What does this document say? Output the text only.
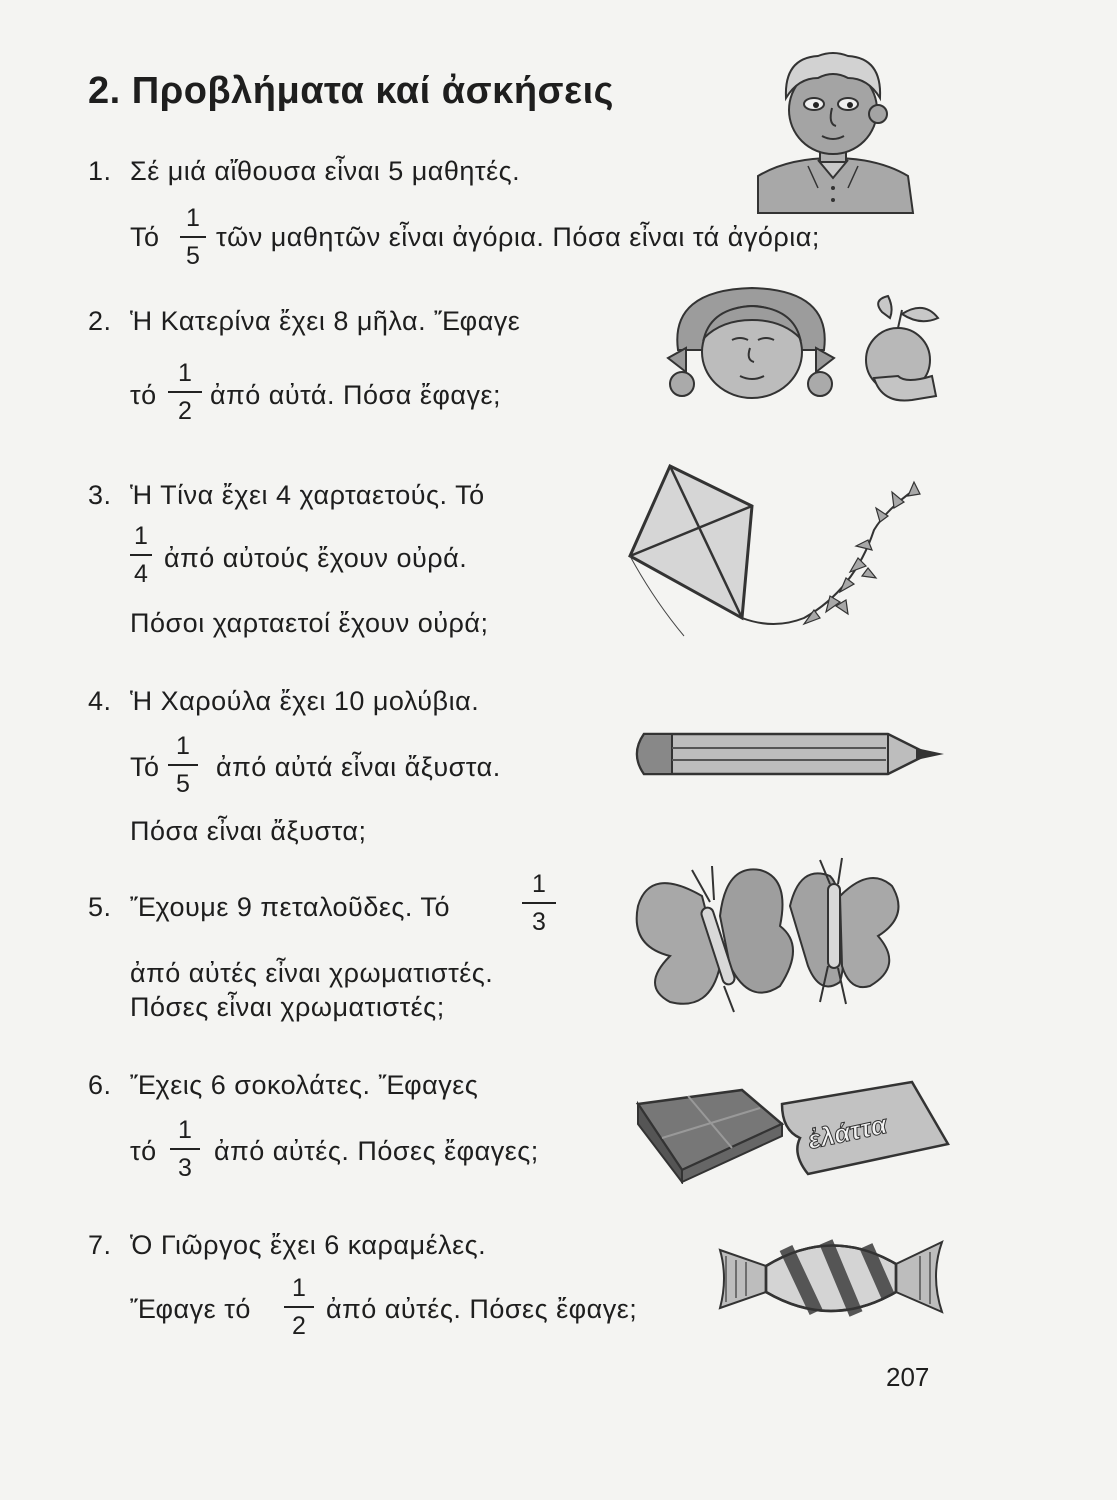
2. Προβλήματα καί ἀσκήσεις
1. Σέ μιά αἴθουσα εἶναι 5 μαθητές.
Τό
1
5
τῶν μαθητῶν εἶναι ἀγόρια. Πόσα εἶναι τά ἀγόρια;
2. Ἡ Κατερίνα ἔχει 8 μῆλα. Ἔφαγε
τό
1
2
ἀπό αὐτά. Πόσα ἔφαγε;
3. Ἡ Τίνα ἔχει 4 χαρταετούς. Τό
1
4
ἀπό αὐτούς ἔχουν οὐρά.
Πόσοι χαρταετοί ἔχουν οὐρά;
4. Ἡ Χαρούλα ἔχει 10 μολύβια.
Τό
1
5
ἀπό αὐτά εἶναι ἄξυστα.
Πόσα εἶναι ἄξυστα;
5. Ἔχουμε 9 πεταλοῦδες. Τό
1
3
ἀπό αὐτές εἶναι χρωματιστές.
Πόσες εἶναι χρωματιστές;
6. Ἔχεις 6 σοκολάτες. Ἔφαγες
τό
1
3
ἀπό αὐτές. Πόσες ἔφαγες;
7. Ὁ Γιῶργος ἔχει 6 καραμέλες.
Ἔφαγε τό
1
2
ἀπό αὐτές. Πόσες ἔφαγε;
207
ἐλάττα
